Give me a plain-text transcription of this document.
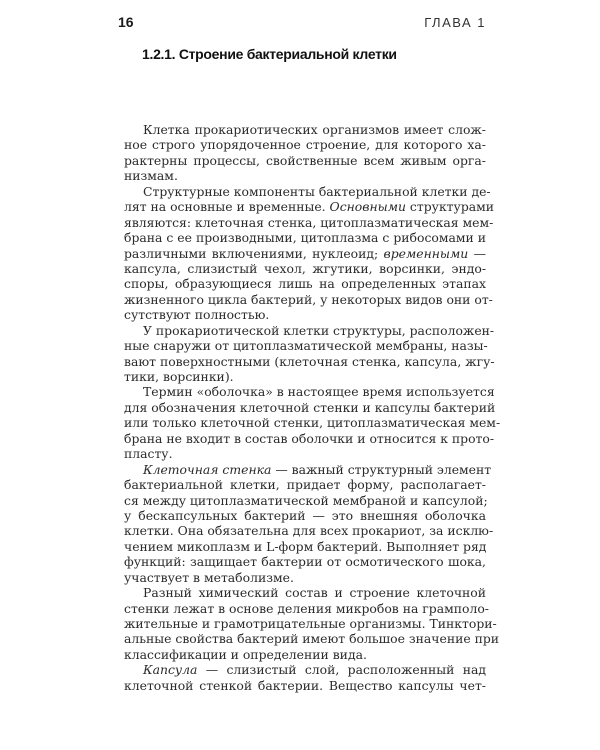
16	ГЛАВА 1
1.2.1. Строение бактериальной клетки
Клетка прокариотических организмов имеет слож-
ное строго упорядоченное строение, для которого ха-
рактерны процессы, свойственные всем живым орга-
низмам.
Структурные компоненты бактериальной клетки де-
лят на основные и временные. Основными структурами
являются: клеточная стенка, цитоплазматическая мем-
брана с ее производными, цитоплазма с рибосомами и
различными включениями, нуклеоид; временными —
капсула, слизистый чехол, жгутики, ворсинки, эндо-
споры, образующиеся лишь на определенных этапах
жизненного цикла бактерий, у некоторых видов они от-
сутствуют полностью.
У прокариотической клетки структуры, расположен-
ные снаружи от цитоплазматической мембраны, назы-
вают поверхностными (клеточная стенка, капсула, жгу-
тики, ворсинки).
Термин «оболочка» в настоящее время используется
для обозначения клеточной стенки и капсулы бактерий
или только клеточной стенки, цитоплазматическая мем-
брана не входит в состав оболочки и относится к прото-
пласту.
Клеточная стенка — важный структурный элемент
бактериальной клетки, придает форму, располагает-
ся между цитоплазматической мембраной и капсулой;
у бескапсульных бактерий — это внешняя оболочка
клетки. Она обязательна для всех прокариот, за исклю-
чением микоплазм и L-форм бактерий. Выполняет ряд
функций: защищает бактерии от осмотического шока,
участвует в метаболизме.
Разный химический состав и строение клеточной
стенки лежат в основе деления микробов на грамполо-
жительные и грамотрицательные организмы. Тинктори-
альные свойства бактерий имеют большое значение при
классификации и определении вида.
Капсула — слизистый слой, расположенный над
клеточной стенкой бактерии. Вещество капсулы чет-
